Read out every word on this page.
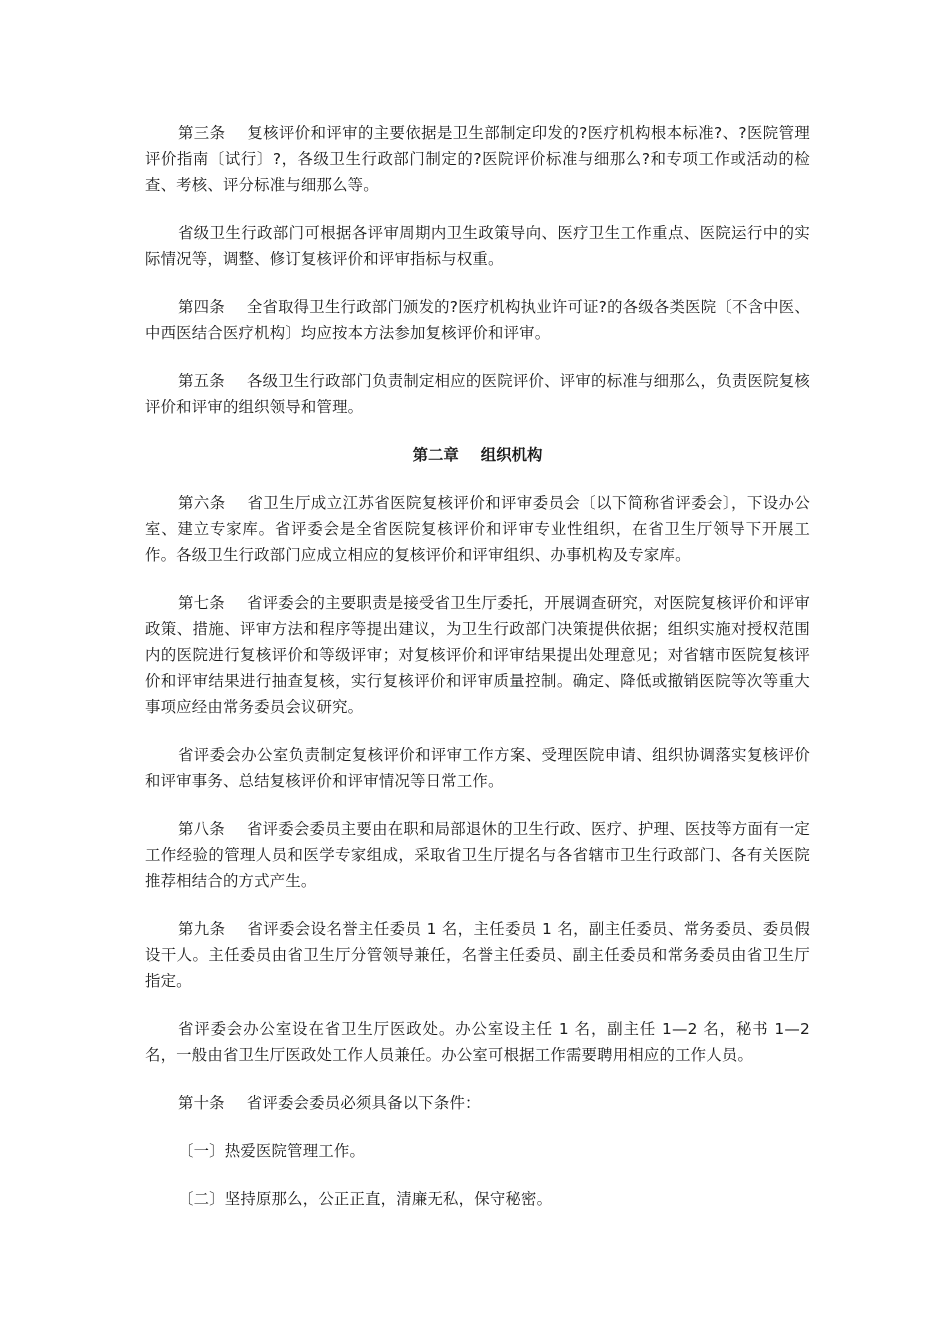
第三条 复核评价和评审的主要依据是卫生部制定印发的?医疗机构根本标准?、?医院管理评价指南〔试行〕?，各级卫生行政部门制定的?医院评价标准与细那么?和专项工作或活动的检查、考核、评分标准与细那么等。

省级卫生行政部门可根据各评审周期内卫生政策导向、医疗卫生工作重点、医院运行中的实际情况等，调整、修订复核评价和评审指标与权重。

第四条 全省取得卫生行政部门颁发的?医疗机构执业许可证?的各级各类医院〔不含中医、中西医结合医疗机构〕均应按本方法参加复核评价和评审。

第五条 各级卫生行政部门负责制定相应的医院评价、评审的标准与细那么，负责医院复核评价和评审的组织领导和管理。

第二章 组织机构

第六条 省卫生厅成立江苏省医院复核评价和评审委员会〔以下简称省评委会〕，下设办公室、建立专家库。省评委会是全省医院复核评价和评审专业性组织，在省卫生厅领导下开展工作。各级卫生行政部门应成立相应的复核评价和评审组织、办事机构及专家库。

第七条 省评委会的主要职责是接受省卫生厅委托，开展调查研究，对医院复核评价和评审政策、措施、评审方法和程序等提出建议，为卫生行政部门决策提供依据；组织实施对授权范围内的医院进行复核评价和等级评审；对复核评价和评审结果提出处理意见；对省辖市医院复核评价和评审结果进行抽查复核，实行复核评价和评审质量控制。确定、降低或撤销医院等次等重大事项应经由常务委员会议研究。

省评委会办公室负责制定复核评价和评审工作方案、受理医院申请、组织协调落实复核评价和评审事务、总结复核评价和评审情况等日常工作。

第八条 省评委会委员主要由在职和局部退休的卫生行政、医疗、护理、医技等方面有一定工作经验的管理人员和医学专家组成，采取省卫生厅提名与各省辖市卫生行政部门、各有关医院推荐相结合的方式产生。

第九条 省评委会设名誉主任委员 1 名，主任委员 1 名，副主任委员、常务委员、委员假设干人。主任委员由省卫生厅分管领导兼任，名誉主任委员、副主任委员和常务委员由省卫生厅指定。

省评委会办公室设在省卫生厅医政处。办公室设主任 1 名，副主任 1—2 名，秘书 1—2 名，一般由省卫生厅医政处工作人员兼任。办公室可根据工作需要聘用相应的工作人员。

第十条 省评委会委员必须具备以下条件：

〔一〕热爱医院管理工作。

〔二〕坚持原那么，公正正直，清廉无私，保守秘密。
